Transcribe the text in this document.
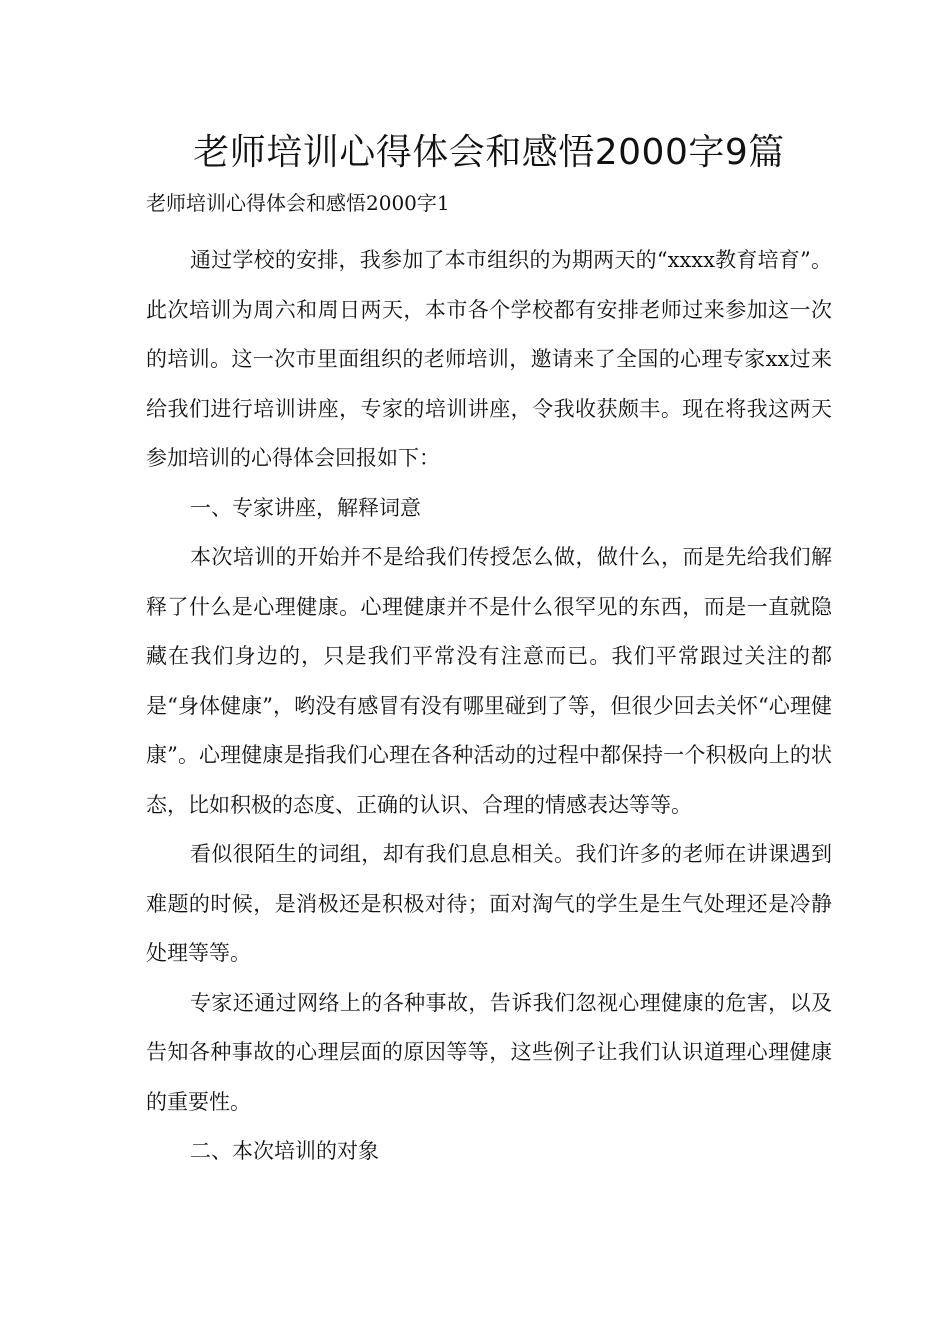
老师培训心得体会和感悟2000字9篇
老师培训心得体会和感悟2000字1

通过学校的安排，我参加了本市组织的为期两天的“xxxx教育培育”。此次培训为周六和周日两天，本市各个学校都有安排老师过来参加这一次的培训。这一次市里面组织的老师培训，邀请来了全国的心理专家xx过来给我们进行培训讲座，专家的培训讲座，令我收获颇丰。现在将我这两天参加培训的心得体会回报如下：

一、专家讲座，解释词意

本次培训的开始并不是给我们传授怎么做，做什么，而是先给我们解释了什么是心理健康。心理健康并不是什么很罕见的东西，而是一直就隐藏在我们身边的，只是我们平常没有注意而已。我们平常跟过关注的都是“身体健康”，哟没有感冒有没有哪里碰到了等，但很少回去关怀“心理健康”。心理健康是指我们心理在各种活动的过程中都保持一个积极向上的状态，比如积极的态度、正确的认识、合理的情感表达等等。

看似很陌生的词组，却有我们息息相关。我们许多的老师在讲课遇到难题的时候，是消极还是积极对待；面对淘气的学生是生气处理还是冷静处理等等。

专家还通过网络上的各种事故，告诉我们忽视心理健康的危害，以及告知各种事故的心理层面的原因等等，这些例子让我们认识道理心理健康的重要性。

二、本次培训的对象
